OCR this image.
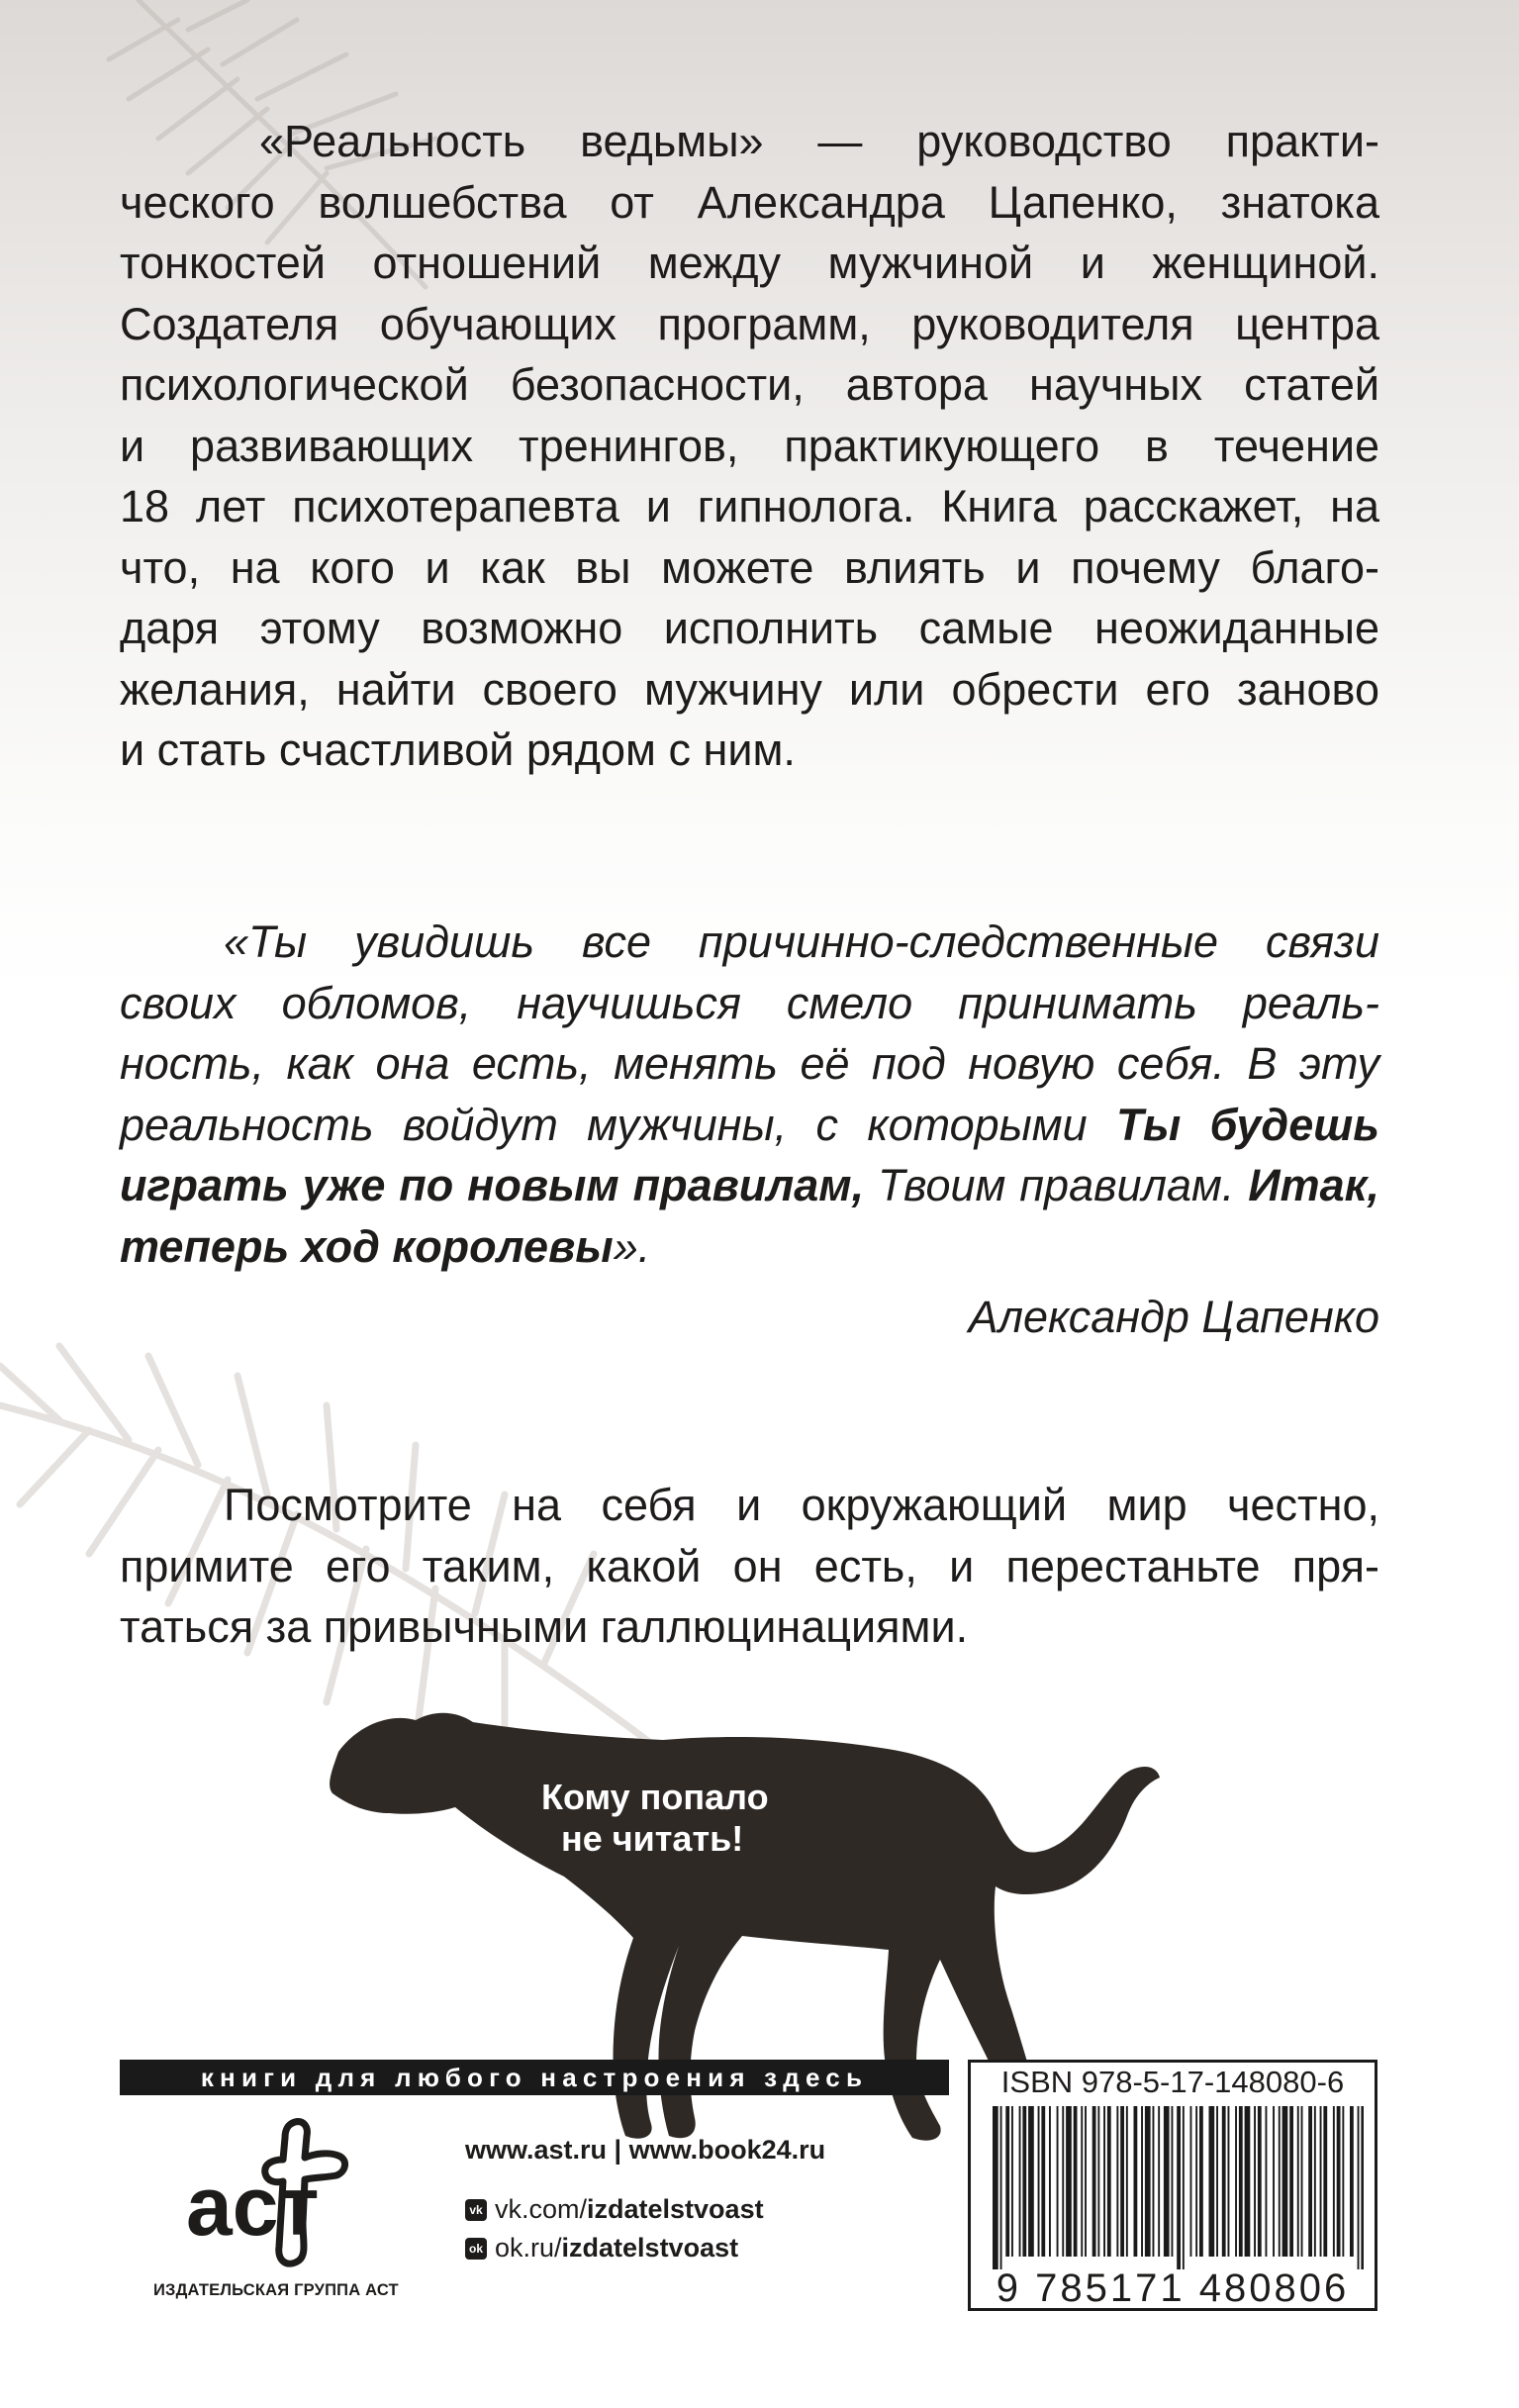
«Реальность ведьмы» — руководство практи-
ческого волшебства от Александра Цапенко, знатока
тонкостей отношений между мужчиной и женщиной.
Создателя обучающих программ, руководителя центра
психологической безопасности, автора научных статей
и развивающих тренингов, практикующего в течение
18 лет психотерапевта и гипнолога. Книга расскажет, на
что, на кого и как вы можете влиять и почему благо-
даря этому возможно исполнить самые неожиданные
желания, найти своего мужчину или обрести его заново
и стать счастливой рядом с ним.
«Ты увидишь все причинно-следственные связи
своих обломов, научишься смело принимать реаль-
ность, как она есть, менять её под новую себя. В эту
реальность войдут мужчины, с которыми Ты будешь
играть уже по новым правилам, Твоим правилам. Итак,
теперь ход королевы».

Александр Цапенко

Посмотрите на себя и окружающий мир честно,
примите его таким, какой он есть, и перестаньте пря-
таться за привычными галлюцинациями.

Кому попало
не читать!

книги для любого настроения здесь
аст

ИЗДАТЕЛЬСКАЯ ГРУППА АСТ

www.ast.ru | www.book24.ru

vk vk.com/ izdatelstvoast

ok ok.ru/ izdatelstvoast

ISBN 978-5-17-148080-6

9 785171 480806
